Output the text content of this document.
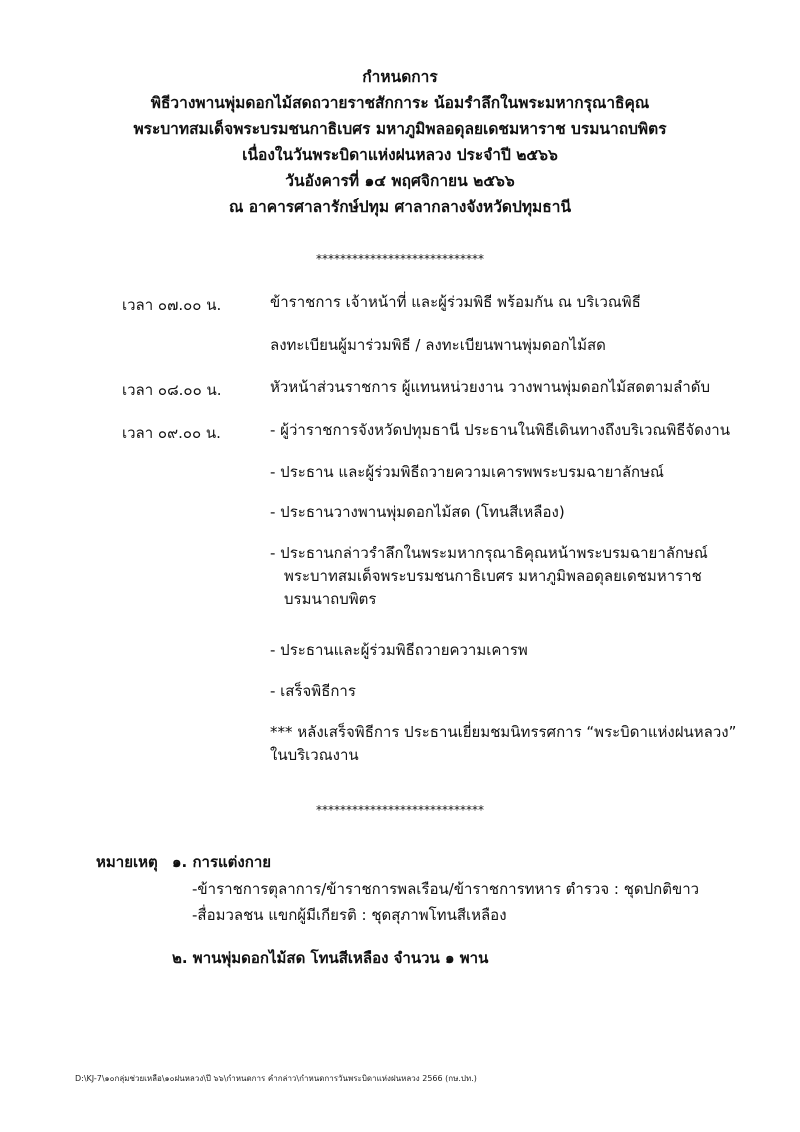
กำหนดการ
พิธีวางพานพุ่มดอกไม้สดถวายราชสักการะ น้อมรำลึกในพระมหากรุณาธิคุณ
พระบาทสมเด็จพระบรมชนกาธิเบศร มหาภูมิพลอดุลยเดชมหาราช บรมนาถบพิตร
เนื่องในวันพระบิดาแห่งฝนหลวง ประจำปี ๒๕๖๖
วันอังคารที่ ๑๔ พฤศจิกายน ๒๕๖๖
ณ อาคารศาลารักษ์ปทุม ศาลากลางจังหวัดปทุมธานี
****************************
เวลา ๐๗.๐๐ น.	ข้าราชการ เจ้าหน้าที่ และผู้ร่วมพิธี พร้อมกัน ณ บริเวณพิธี
ลงทะเบียนผู้มาร่วมพิธี / ลงทะเบียนพานพุ่มดอกไม้สด
เวลา ๐๘.๐๐ น.	หัวหน้าส่วนราชการ ผู้แทนหน่วยงาน วางพานพุ่มดอกไม้สดตามลำดับ
เวลา ๐๙.๐๐ น.	- ผู้ว่าราชการจังหวัดปทุมธานี ประธานในพิธีเดินทางถึงบริเวณพิธีจัดงาน
- ประธาน และผู้ร่วมพิธีถวายความเคารพพระบรมฉายาลักษณ์
- ประธานวางพานพุ่มดอกไม้สด (โทนสีเหลือง)
- ประธานกล่าวรำลึกในพระมหากรุณาธิคุณหน้าพระบรมฉายาลักษณ์
พระบาทสมเด็จพระบรมชนกาธิเบศร มหาภูมิพลอดุลยเดชมหาราช
บรมนาถบพิตร
- ประธานและผู้ร่วมพิธีถวายความเคารพ
- เสร็จพิธีการ
*** หลังเสร็จพิธีการ ประธานเยี่ยมชมนิทรรศการ “พระบิดาแห่งฝนหลวง”
ในบริเวณงาน
****************************
หมายเหตุ ๑. การแต่งกาย
-ข้าราชการตุลาการ/ข้าราชการพลเรือน/ข้าราชการทหาร ตำรวจ : ชุดปกติขาว
-สื่อมวลชน แขกผู้มีเกียรติ : ชุดสุภาพโทนสีเหลือง
๒. พานพุ่มดอกไม้สด โทนสีเหลือง จำนวน ๑ พาน
D:\KJ-7\๑๐กลุ่มช่วยเหลือ\๑๐ฝนหลวง\ปี ๖๖\กำหนดการ คำกล่าว\กำหนดการวันพระบิดาแห่งฝนหลวง 2566 (กษ.ปท.)
